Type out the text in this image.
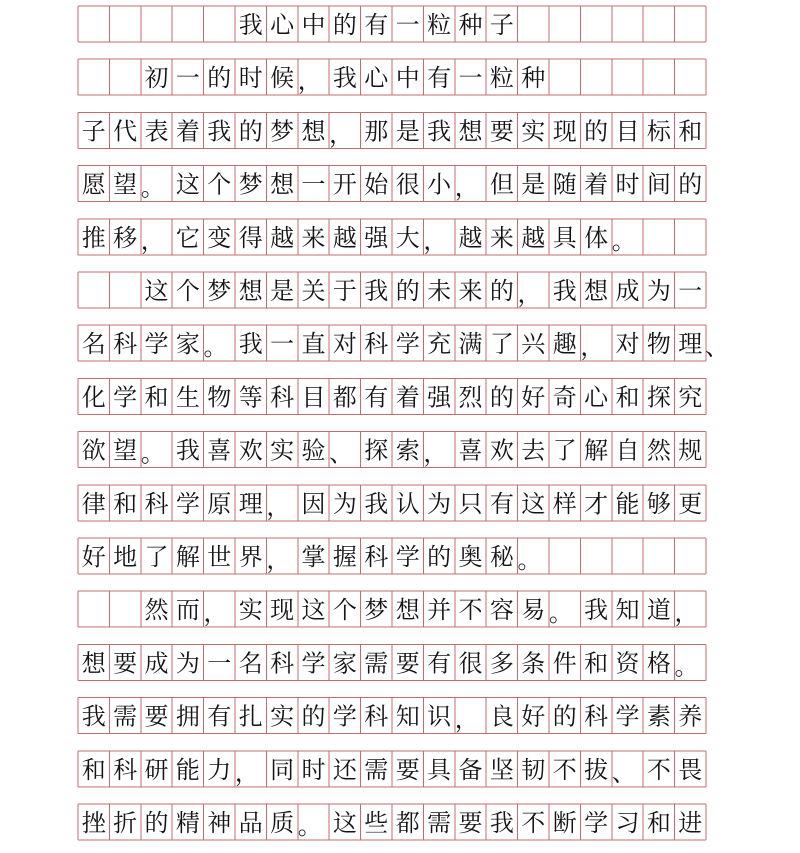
我 心 中 的 有 一 粒 种 子
初 一 的 时 候 ， 我 心 中 有 一 粒 种
子 代 表 着 我 的 梦 想 ， 那 是 我 想 要 实 现 的 目 标 和
愿 望 。 这 个 梦 想 一 开 始 很 小 ， 但 是 随 着 时 间 的
推 移 ， 它 变 得 越 来 越 强 大 ， 越 来 越 具 体 。
这 个 梦 想 是 关 于 我 的 未 来 的 ， 我 想 成 为 一
名 科 学 家 。 我 一 直 对 科 学 充 满 了 兴 趣 ， 对 物 理 、
化 学 和 生 物 等 科 目 都 有 着 强 烈 的 好 奇 心 和 探 究
欲 望 。 我 喜 欢 实 验 、 探 索 ， 喜 欢 去 了 解 自 然 规
律 和 科 学 原 理 ， 因 为 我 认 为 只 有 这 样 才 能 够 更
好 地 了 解 世 界 ， 掌 握 科 学 的 奥 秘 。
然 而 ， 实 现 这 个 梦 想 并 不 容 易 。 我 知 道 ，
想 要 成 为 一 名 科 学 家 需 要 有 很 多 条 件 和 资 格 。
我 需 要 拥 有 扎 实 的 学 科 知 识 ， 良 好 的 科 学 素 养
和 科 研 能 力 ， 同 时 还 需 要 具 备 坚 韧 不 拔 、 不 畏
挫 折 的 精 神 品 质 。 这 些 都 需 要 我 不 断 学 习 和 进
